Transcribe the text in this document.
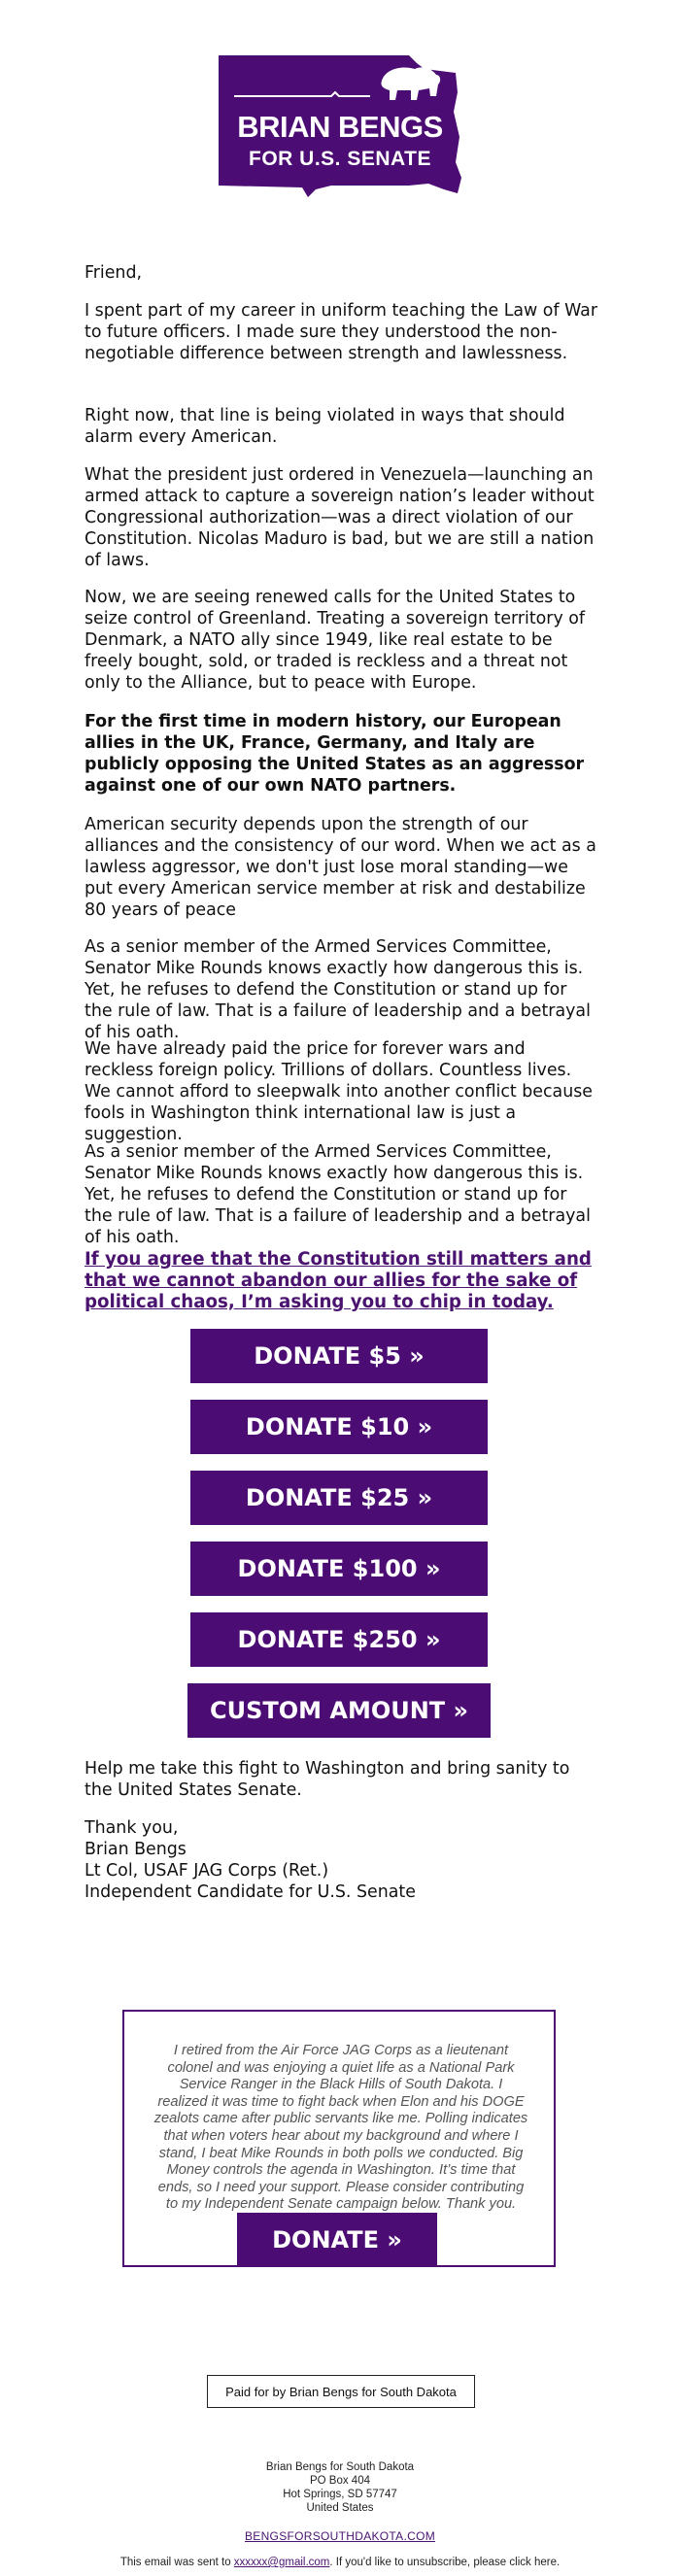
BRIAN BENGS
FOR U.S. SENATE

Friend,

I spent part of my career in uniform teaching the Law of War to future officers. I made sure they understood the non-negotiable difference between strength and lawlessness.

Right now, that line is being violated in ways that should alarm every American.

What the president just ordered in Venezuela—launching an armed attack to capture a sovereign nation’s leader without Congressional authorization—was a direct violation of our Constitution. Nicolas Maduro is bad, but we are still a nation of laws.

Now, we are seeing renewed calls for the United States to seize control of Greenland. Treating a sovereign territory of Denmark, a NATO ally since 1949, like real estate to be freely bought, sold, or traded is reckless and a threat not only to the Alliance, but to peace with Europe.

For the first time in modern history, our European allies in the UK, France, Germany, and Italy are publicly opposing the United States as an aggressor against one of our own NATO partners.

American security depends upon the strength of our alliances and the consistency of our word. When we act as a lawless aggressor, we don't just lose moral standing—we put every American service member at risk and destabilize 80 years of peace

As a senior member of the Armed Services Committee, Senator Mike Rounds knows exactly how dangerous this is. Yet, he refuses to defend the Constitution or stand up for the rule of law. That is a failure of leadership and a betrayal of his oath.

We have already paid the price for forever wars and reckless foreign policy. Trillions of dollars. Countless lives. We cannot afford to sleepwalk into another conflict because fools in Washington think international law is just a suggestion.

As a senior member of the Armed Services Committee, Senator Mike Rounds knows exactly how dangerous this is. Yet, he refuses to defend the Constitution or stand up for the rule of law. That is a failure of leadership and a betrayal of his oath.

If you agree that the Constitution still matters and that we cannot abandon our allies for the sake of political chaos, I’m asking you to chip in today.

Help me take this fight to Washington and bring sanity to the United States Senate.

Thank you,

Brian Bengs

Lt Col, USAF JAG Corps (Ret.)

Independent Candidate for U.S. Senate

DONATE $5 »
DONATE $10 »
DONATE $25 »
DONATE $100 »
DONATE $250 »
CUSTOM AMOUNT »

I retired from the Air Force JAG Corps as a lieutenant colonel and was enjoying a quiet life as a National Park Service Ranger in the Black Hills of South Dakota. I realized it was time to fight back when Elon and his DOGE zealots came after public servants like me. Polling indicates that when voters hear about my background and where I stand, I beat Mike Rounds in both polls we conducted. Big Money controls the agenda in Washington. It’s time that ends, so I need your support. Please consider contributing to my Independent Senate campaign below. Thank you.

DONATE »
Paid for by Brian Bengs for South Dakota

Brian Bengs for South Dakota

PO Box 404

Hot Springs, SD 57747

United States

BENGSFORSOUTHDAKOTA.COM

This email was sent to xxxxxx@gmail.com. If you'd like to unsubscribe, please click here.
